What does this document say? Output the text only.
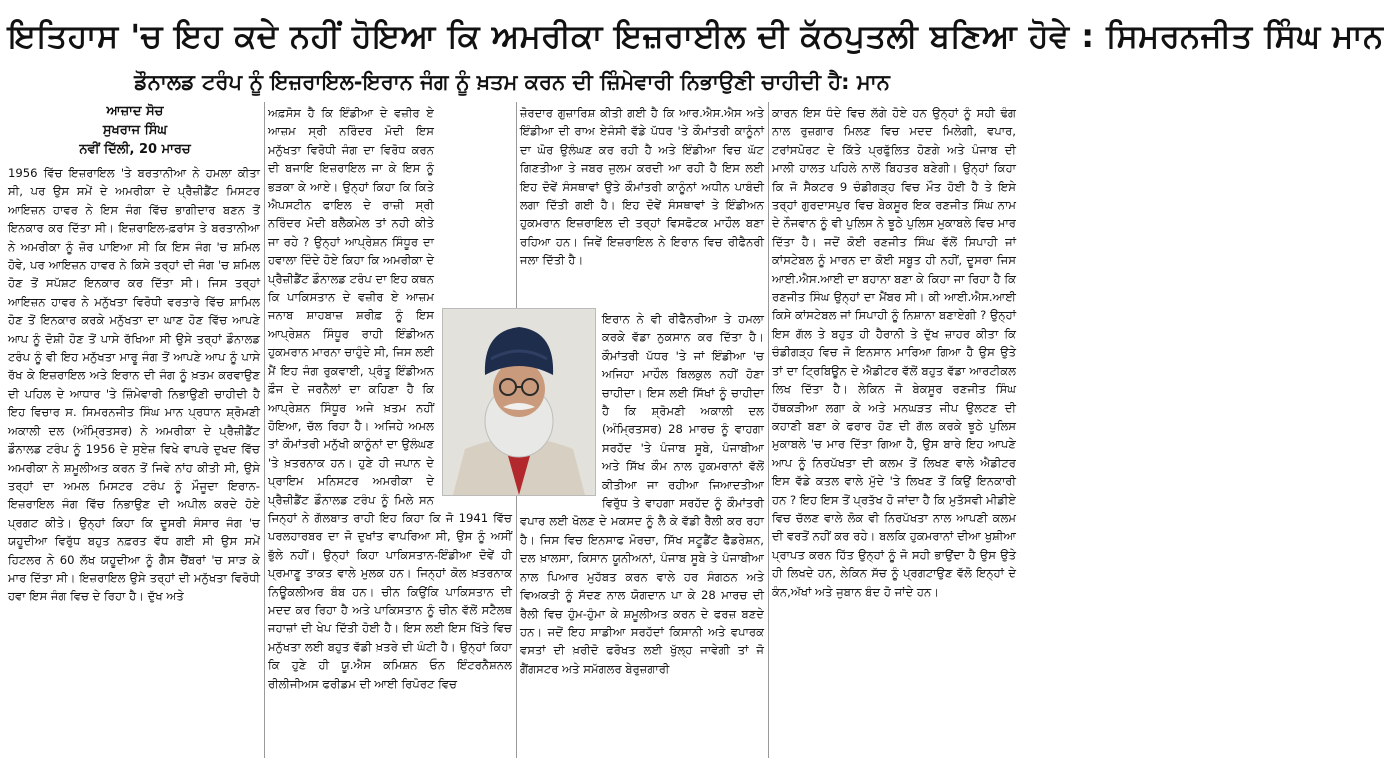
ਇਤਿਹਾਸ 'ਚ ਇਹ ਕਦੇ ਨਹੀਂ ਹੋਇਆ ਕਿ ਅਮਰੀਕਾ ਇਜ਼ਰਾਈਲ ਦੀ ਕੱਠਪੁਤਲੀ ਬਣਿਆ ਹੋਵੇ : ਸਿਮਰਨਜੀਤ ਸਿੰਘ ਮਾਨ
ਡੌਨਾਲਡ ਟਰੰਪ ਨੂੰ ਇਜ਼ਰਾਇਲ-ਇਰਾਨ ਜੰਗ ਨੂੰ ਖ਼ਤਮ ਕਰਨ ਦੀ ਜ਼ਿੰਮੇਵਾਰੀ ਨਿਭਾਉਣੀ ਚਾਹੀਦੀ ਹੈ: ਮਾਨ
ਆਜ਼ਾਦ ਸੋਚ
ਸੁਖਰਾਜ ਸਿੰਘ
ਨਵੀਂ ਦਿੱਲੀ, 20 ਮਾਰਚ
1956 ਵਿੱਚ ਇਜ਼ਰਾਇਲ 'ਤੇ ਬਰਤਾਨੀਆ ਨੇ ਹਮਲਾ ਕੀਤਾ ਸੀ, ਪਰ ਉਸ ਸਮੇਂ ਦੇ ਅਮਰੀਕਾ ਦੇ ਪ੍ਰੈਜ਼ੀਡੈਂਟ ਮਿਸਟਰ ਆਇਜ਼ਨ ਹਾਵਰ ਨੇ ਇਸ ਜੰਗ ਵਿੱਚ ਭਾਗੀਦਾਰ ਬਣਨ ਤੋਂ ਇਨਕਾਰ ਕਰ ਦਿੱਤਾ ਸੀ। ਇਜ਼ਰਾਇਲ-ਫ਼ਰਾਂਸ ਤੇ ਬਰਤਾਨੀਆ ਨੇ ਅਮਰੀਕਾ ਨੂੰ ਜ਼ੋਰ ਪਾਇਆ ਸੀ ਕਿ ਇਸ ਜੰਗ 'ਚ ਸ਼ਮਿਲ ਹੋਵੇ, ਪਰ ਆਇਜ਼ਨ ਹਾਵਰ ਨੇ ਕਿਸੇ ਤਰ੍ਹਾਂ ਦੀ ਜੰਗ 'ਚ ਸ਼ਮਿਲ ਹੋਣ ਤੋਂ ਸਪੱਸ਼ਟ ਇਨਕਾਰ ਕਰ ਦਿੱਤਾ ਸੀ। ਜਿਸ ਤਰ੍ਹਾਂ ਆਇਜ਼ਨ ਹਾਵਰ ਨੇ ਮਨੁੱਖਤਾ ਵਿਰੋਧੀ ਵਰਤਾਰੇ ਵਿੱਚ ਸ਼ਾਮਿਲ ਹੋਣ ਤੋਂ ਇਨਕਾਰ ਕਰਕੇ ਮਨੁੱਖਤਾ ਦਾ ਘਾਣ ਹੋਣ ਵਿੱਚ ਆਪਣੇ ਆਪ ਨੂੰ ਦੋਸ਼ੀ ਹੋਣ ਤੋਂ ਪਾਸੇ ਰੱਖਿਆ ਸੀ ਉਸੇ ਤਰ੍ਹਾਂ ਡੌਨਾਲਡ ਟਰੰਪ ਨੂੰ ਵੀ ਇਹ ਮਨੁੱਖਤਾ ਮਾਰੂ ਜੰਗ ਤੋਂ ਆਪਣੇ ਆਪ ਨੂੰ ਪਾਸੇ ਰੱਖ ਕੇ ਇਜ਼ਰਾਇਲ ਅਤੇ ਇਰਾਨ ਦੀ ਜੰਗ ਨੂੰ ਖ਼ਤਮ ਕਰਵਾਉਣ ਦੀ ਪਹਿਲ ਦੇ ਆਧਾਰ 'ਤੇ ਜ਼ਿੰਮੇਵਾਰੀ ਨਿਭਾਉਣੀ ਚਾਹੀਦੀ ਹੈ ਇਹ ਵਿਚਾਰ ਸ. ਸਿਮਰਨਜੀਤ ਸਿੰਘ ਮਾਨ ਪ੍ਰਧਾਨ ਸ਼੍ਰੋਮਣੀ ਅਕਾਲੀ ਦਲ (ਅੰਮ੍ਰਿਤਸਰ) ਨੇ ਅਮਰੀਕਾ ਦੇ ਪ੍ਰੈਜ਼ੀਡੈਂਟ ਡੌਨਾਲਡ ਟਰੰਪ ਨੂੰ 1956 ਦੇ ਸੁਏਜ਼ ਵਿਖੇ ਵਾਪਰੇ ਦੁਖਦ ਵਿੱਚ ਅਮਰੀਕਾ ਨੇ ਸ਼ਮੂਲੀਅਤ ਕਰਨ ਤੋਂ ਜਿਵੇ ਨਾਂਹ ਕੀਤੀ ਸੀ, ਉਸੇ ਤਰ੍ਹਾਂ ਦਾ ਅਮਲ ਮਿਸਟਰ ਟਰੰਪ ਨੂੰ ਮੌਜੂਦਾ ਇਰਾਨ-ਇਜ਼ਰਾਇਲ ਜੰਗ ਵਿੱਚ ਨਿਭਾਉਣ ਦੀ ਅਪੀਲ ਕਰਦੇ ਹੋਏ ਪ੍ਰਗਟ ਕੀਤੇ। ਉਨ੍ਹਾਂ ਕਿਹਾ ਕਿ ਦੂਸਰੀ ਸੰਸਾਰ ਜੰਗ 'ਚ ਯਹੂਦੀਆ ਵਿਰੁੱਧ ਬਹੁਤ ਨਫ਼ਰਤ ਵੱਧ ਗਈ ਸੀ ਉਸ ਸਮੇਂ ਹਿਟਲਰ ਨੇ 60 ਲੱਖ ਯਹੂਦੀਆ ਨੂੰ ਗੈਸ ਚੈਂਬਰਾਂ 'ਚ ਸਾੜ ਕੇ ਮਾਰ ਦਿੱਤਾ ਸੀ। ਇਜ਼ਰਾਇਲ ਉਸੇ ਤਰ੍ਹਾਂ ਦੀ ਮਨੁੱਖਤਾ ਵਿਰੋਧੀ ਹਵਾ ਇਸ ਜੰਗ ਵਿਚ ਦੇ ਰਿਹਾ ਹੈ। ਦੁੱਖ ਅਤੇ
ਅਫ਼ਸੋਸ ਹੈ ਕਿ ਇੰਡੀਆ ਦੇ ਵਜ਼ੀਰ ਏ ਆਜ਼ਮ ਸ੍ਰੀ ਨਰਿੰਦਰ ਮੋਦੀ ਇਸ ਮਨੁੱਖਤਾ ਵਿਰੋਧੀ ਜੰਗ ਦਾ ਵਿਰੋਧ ਕਰਨ ਦੀ ਬਜਾਇ ਇਜ਼ਰਾਇਲ ਜਾ ਕੇ ਇਸ ਨੂੰ ਭੜਕਾ ਕੇ ਆਏ। ਉਨ੍ਹਾਂ ਕਿਹਾ ਕਿ ਕਿਤੇ ਐਪਸਟੀਨ ਫਾਇਲ ਦੇ ਰਾਜ਼ੀ ਸ੍ਰੀ ਨਰਿੰਦਰ ਮੋਦੀ ਬਲੈਕਮੇਲ ਤਾਂ ਨਹੀ ਕੀਤੇ ਜਾ ਰਹੇ ? ਉਨ੍ਹਾਂ ਆਪ੍ਰੇਸ਼ਨ ਸਿੰਧੂਰ ਦਾ ਹਵਾਲਾ ਦਿੰਦੇ ਹੋਏ ਕਿਹਾ ਕਿ ਅਮਰੀਕਾ ਦੇ ਪ੍ਰੈਜ਼ੀਡੈਂਟ ਡੌਨਾਲਡ ਟਰੰਪ ਦਾ ਇਹ ਕਥਨ ਕਿ ਪਾਕਿਸਤਾਨ ਦੇ ਵਜ਼ੀਰ ਏ ਆਜ਼ਮ ਜਨਾਬ ਸ਼ਾਹਬਾਜ਼ ਸ਼ਰੀਫ਼ ਨੂੰ ਇਸ ਆਪ੍ਰੇਸ਼ਨ ਸਿੰਧੂਰ ਰਾਹੀ ਇੰਡੀਅਨ ਹੁਕਮਰਾਨ ਮਾਰਨਾ ਚਾਹੁੰਦੇ ਸੀ, ਜਿਸ ਲਈ ਮੈਂ ਇਹ ਜੰਗ ਰੁਕਵਾਈ, ਪ੍ਰੰਤੂ ਇੰਡੀਅਨ ਫ਼ੌਜ ਦੇ ਜਰਨੈਲਾਂ ਦਾ ਕਹਿਣਾ ਹੈ ਕਿ ਆਪ੍ਰੇਸ਼ਨ ਸਿੰਧੂਰ ਅਜੇ ਖ਼ਤਮ ਨਹੀਂ ਹੋਇਆ, ਚੱਲ ਰਿਹਾ ਹੈ। ਅਜਿਹੇ ਅਮਲ ਤਾਂ ਕੌਮਾਂਤਰੀ ਮਨੁੱਖੀ ਕਾਨੂੰਨਾਂ ਦਾ ਉਲੰਘਣ 'ਤੇ ਖ਼ਤਰਨਾਕ ਹਨ। ਹੁਣੇ ਹੀ ਜਪਾਨ ਦੇ ਪ੍ਰਾਇਮ ਮਨਿਸਟਰ ਅਮਰੀਕਾ ਦੇ ਪ੍ਰੈਜ਼ੀਡੈਂਟ ਡੌਨਾਲਡ ਟਰੰਪ ਨੂੰ ਮਿਲੇ ਸਨ ਜਿਨ੍ਹਾਂ ਨੇ ਗੱਲਬਾਤ ਰਾਹੀ ਇਹ ਕਿਹਾ ਕਿ ਜੋ 1941 ਵਿੱਚ ਪਰਲਹਾਰਬਰ ਦਾ ਜੋ ਦੁਖਾਂਤ ਵਾਪਰਿਆ ਸੀ, ਉਸ ਨੂੰ ਅਸੀਂ ਭੁੱਲੇ ਨਹੀਂ। ਉਨ੍ਹਾਂ ਕਿਹਾ ਪਾਕਿਸਤਾਨ-ਇੰਡੀਆ ਦੋਵੇਂ ਹੀ ਪ੍ਰਮਾਣੂ ਤਾਕਤ ਵਾਲੇ ਮੁਲਕ ਹਨ। ਜਿਨ੍ਹਾਂ ਕੋਲ ਖ਼ਤਰਨਾਕ ਨਿਊਕਲੀਅਰ ਬੰਬ ਹਨ। ਚੀਨ ਕਿਉਂਕਿ ਪਾਕਿਸਤਾਨ ਦੀ ਮਦਦ ਕਰ ਰਿਹਾ ਹੈ ਅਤੇ ਪਾਕਿਸਤਾਨ ਨੂੰ ਚੀਨ ਵੱਲੋਂ ਸਟੈਲਥ ਜਹਾਜ਼ਾਂ ਦੀ ਖੇਪ ਦਿੱਤੀ ਹੋਈ ਹੈ। ਇਸ ਲਈ ਇਸ ਖਿੱਤੇ ਵਿਚ ਮਨੁੱਖਤਾ ਲਈ ਬਹੁਤ ਵੱਡੀ ਖ਼ਤਰੇ ਦੀ ਘੰਟੀ ਹੈ। ਉਨ੍ਹਾਂ ਕਿਹਾ ਕਿ ਹੁਣੇ ਹੀ ਯੂ.ਐਸ ਕਮਿਸ਼ਨ ਓਨ ਇੰਟਰਨੈਸ਼ਨਲ ਰੀਲੀਜੀਅਸ ਫਰੀਡਮ ਦੀ ਆਈ ਰਿਪੋਰਟ ਵਿਚ
ਜ਼ੋਰਦਾਰ ਗੁਜ਼ਾਰਿਸ਼ ਕੀਤੀ ਗਈ ਹੈ ਕਿ ਆਰ.ਐਸ.ਐਸ ਅਤੇ ਇੰਡੀਆ ਦੀ ਰਾਅ ਏਜੰਸੀ ਵੱਡੇ ਪੱਧਰ 'ਤੇ ਕੌਮਾਂਤਰੀ ਕਾਨੂੰਨਾਂ ਦਾ ਘੋਰ ਉਲੰਘਣ ਕਰ ਰਹੀ ਹੈ ਅਤੇ ਇੰਡੀਆ ਵਿਚ ਘੱਟ ਗਿਣਤੀਆ ਤੇ ਜਬਰ ਜੁਲਮ ਕਰਦੀ ਆ ਰਹੀ ਹੈ ਇਸ ਲਈ ਇਹ ਦੋਵੇਂ ਸੰਸਥਾਵਾਂ ਉਤੇ ਕੌਮਾਂਤਰੀ ਕਾਨੂੰਨਾਂ ਅਧੀਨ ਪਾਬੰਦੀ ਲਗਾ ਦਿੱਤੀ ਗਈ ਹੈ। ਇਹ ਦੋਵੇਂ ਸੰਸਥਾਵਾਂ ਤੇ ਇੰਡੀਅਨ ਹੁਕਮਰਾਨ ਇਜ਼ਰਾਇਲ ਦੀ ਤਰ੍ਹਾਂ ਵਿਸਫੋਟਕ ਮਾਹੌਲ ਬਣਾ ਰਹਿਆ ਹਨ। ਜਿਵੇਂ ਇਜ਼ਰਾਇਲ ਨੇ ਇਰਾਨ ਵਿਚ ਰੀਫੈਨਰੀ ਜਲਾ ਦਿੱਤੀ ਹੈ।
ਇਰਾਨ ਨੇ ਵੀ ਰੀਫੈਨਰੀਆ ਤੇ ਹਮਲਾ ਕਰਕੇ ਵੱਡਾ ਨੁਕਸਾਨ ਕਰ ਦਿੱਤਾ ਹੈ। ਕੌਮਾਂਤਰੀ ਪੱਧਰ 'ਤੇ ਜਾਂ ਇੰਡੀਆ 'ਚ ਅਜਿਹਾ ਮਾਹੌਲ ਬਿਲਕੁਲ ਨਹੀਂ ਹੋਣਾ ਚਾਹੀਦਾ। ਇਸ ਲਈ ਸਿੱਖਾਂ ਨੂੰ ਚਾਹੀਦਾ ਹੈ ਕਿ ਸ਼੍ਰੋਮਣੀ ਅਕਾਲੀ ਦਲ (ਅੰਮ੍ਰਿਤਸਰ) 28 ਮਾਰਚ ਨੂੰ ਵਾਹਗਾ ਸਰਹੱਦ 'ਤੇ ਪੰਜਾਬ ਸੂਬੇ, ਪੰਜਾਬੀਆ ਅਤੇ ਸਿੱਖ ਕੌਮ ਨਾਲ ਹੁਕਮਰਾਨਾਂ ਵੱਲੋਂ ਕੀਤੀਆ ਜਾ ਰਹੀਆ ਜਿਆਦਤੀਆ ਵਿਰੁੱਧ ਤੇ ਵਾਹਗਾ ਸਰਹੱਦ ਨੂੰ ਕੌਮਾਂਤਰੀ ਵਪਾਰ ਲਈ ਖੋਲਣ ਦੇ ਮਕਸਦ ਨੂੰ ਲੈ ਕੇ ਵੱਡੀ ਰੈਲੀ ਕਰ ਰਹਾ ਹੈ। ਜਿਸ ਵਿਚ ਇਨਸਾਫ ਮੋਰਚਾ, ਸਿੱਖ ਸਟੂਡੈਂਟ ਫੈਡਰੇਸ਼ਨ, ਦਲ ਖ਼ਾਲਸਾ, ਕਿਸਾਨ ਯੂਨੀਅਨਾਂ, ਪੰਜਾਬ ਸੂਬੇ ਤੇ ਪੰਜਾਬੀਆ ਨਾਲ ਪਿਆਰ ਮੁਹੱਬਤ ਕਰਨ ਵਾਲੇ ਹਰ ਸੰਗਠਨ ਅਤੇ ਵਿਅਕਤੀ ਨੂੰ ਸੱਦਣ ਨਾਲ ਯੋਗਦਾਨ ਪਾ ਕੇ 28 ਮਾਰਚ ਦੀ ਰੈਲੀ ਵਿਚ ਹੁੰਮ-ਹੁੰਮਾ ਕੇ ਸ਼ਮੂਲੀਅਤ ਕਰਨ ਦੇ ਫਰਜ਼ ਬਣਦੇ ਹਨ। ਜਦੋਂ ਇਹ ਸਾਡੀਆ ਸਰਹੱਦਾਂ ਕਿਸਾਨੀ ਅਤੇ ਵਪਾਰਕ ਵਸਤਾਂ ਦੀ ਖ਼ਰੀਦੋ ਫਰੋਖਤ ਲਈ ਖੁੱਲ੍ਹ ਜਾਵੇਗੀ ਤਾਂ ਜੋ ਗੈਂਗਸਟਰ ਅਤੇ ਸਮੱਗਲਰ ਬੇਰੁਜ਼ਗਾਰੀ
ਕਾਰਨ ਇਸ ਧੰਦੇ ਵਿਚ ਲੱਗੇ ਹੋਏ ਹਨ ਉਨ੍ਹਾਂ ਨੂੰ ਸਹੀ ਢੰਗ ਨਾਲ ਰੁਜ਼ਗਾਰ ਮਿਲਣ ਵਿਚ ਮਦਦ ਮਿਲੇਗੀ, ਵਪਾਰ, ਟਰਾਂਸਪੋਰਟ ਦੇ ਕਿੱਤੇ ਪ੍ਰਫੁੱਲਿਤ ਹੋਣਗੇ ਅਤੇ ਪੰਜਾਬ ਦੀ ਮਾਲੀ ਹਾਲਤ ਪਹਿਲੇ ਨਾਲੋਂ ਬਿਹਤਰ ਬਣੇਗੀ। ਉਨ੍ਹਾਂ ਕਿਹਾ ਕਿ ਜੋ ਸੈਕਟਰ 9 ਚੰਡੀਗੜ੍ਹ ਵਿਚ ਮੌਤ ਹੋਈ ਹੈ ਤੇ ਇਸੇ ਤਰ੍ਹਾਂ ਗੁਰਦਾਸਪੁਰ ਵਿਚ ਬੇਕਸੂਰ ਇਕ ਰਣਜੀਤ ਸਿੰਘ ਨਾਮ ਦੇ ਨੌਜਵਾਨ ਨੂੰ ਵੀ ਪੁਲਿਸ ਨੇ ਝੂਠੇ ਪੁਲਿਸ ਮੁਕਾਬਲੇ ਵਿਚ ਮਾਰ ਦਿੱਤਾ ਹੈ। ਜਦੋਂ ਕੋਈ ਰਣਜੀਤ ਸਿੰਘ ਵੱਲੋਂ ਸਿਪਾਹੀ ਜਾਂ ਕਾਂਸਟੇਬਲ ਨੂੰ ਮਾਰਨ ਦਾ ਕੋਈ ਸਬੂਤ ਹੀ ਨਹੀਂ, ਦੂਸਰਾ ਜਿਸ ਆਈ.ਐਸ.ਆਈ ਦਾ ਬਹਾਨਾ ਬਣਾ ਕੇ ਕਿਹਾ ਜਾ ਰਿਹਾ ਹੈ ਕਿ ਰਣਜੀਤ ਸਿੰਘ ਉਨ੍ਹਾਂ ਦਾ ਮੈਂਬਰ ਸੀ। ਕੀ ਆਈ.ਐਸ.ਆਈ ਕਿਸੇ ਕਾਂਸਟੇਬਲ ਜਾਂ ਸਿਪਾਹੀ ਨੂੰ ਨਿਸ਼ਾਨਾ ਬਣਾਏਗੀ ? ਉਨ੍ਹਾਂ ਇਸ ਗੱਲ ਤੇ ਬਹੁਤ ਹੀ ਹੈਰਾਨੀ ਤੇ ਦੁੱਖ ਜ਼ਾਹਰ ਕੀਤਾ ਕਿ ਚੰਡੀਗੜ੍ਹ ਵਿਚ ਜੋ ਇਨਸਾਨ ਮਾਰਿਆ ਗਿਆ ਹੈ ਉਸ ਉਤੇ ਤਾਂ ਦਾ ਟ੍ਰਿਬਿਊਨ ਦੇ ਐਡੀਟਰ ਵੱਲੋਂ ਬਹੁਤ ਵੱਡਾ ਆਰਟੀਕਲ ਲਿਖ ਦਿੱਤਾ ਹੈ। ਲੇਕਿਨ ਜੋ ਬੇਕਸੂਰ ਰਣਜੀਤ ਸਿੰਘ ਹੱਥਕੜੀਆ ਲਗਾ ਕੇ ਅਤੇ ਮਨਘੜਤ ਜੀਪ ਉਲਟਣ ਦੀ ਕਹਾਣੀ ਬਣਾ ਕੇ ਫਰਾਰ ਹੋਣ ਦੀ ਗੱਲ ਕਰਕੇ ਝੂਠੇ ਪੁਲਿਸ ਮੁਕਾਬਲੇ 'ਚ ਮਾਰ ਦਿੱਤਾ ਗਿਆ ਹੈ, ਉਸ ਬਾਰੇ ਇਹ ਆਪਣੇ ਆਪ ਨੂੰ ਨਿਰਪੱਖਤਾ ਦੀ ਕਲਮ ਤੋਂ ਲਿਖਣ ਵਾਲੇ ਐਡੀਟਰ ਇਸ ਵੱਡੇ ਕਤਲ ਵਾਲੇ ਮੁੱਦੇ 'ਤੇ ਲਿਖਣ ਤੋਂ ਕਿਉਂ ਇਨਕਾਰੀ ਹਨ ? ਇਹ ਇਸ ਤੋਂ ਪ੍ਰਤੱਖ ਹੋ ਜਾਂਦਾ ਹੈ ਕਿ ਮੁਤੱਸਵੀ ਮੀਡੀਏ ਵਿਚ ਚੱਲਣ ਵਾਲੇ ਲੋਕ ਵੀ ਨਿਰਪੱਖਤਾ ਨਾਲ ਆਪਣੀ ਕਲਮ ਦੀ ਵਰਤੋਂ ਨਹੀਂ ਕਰ ਰਹੇ। ਬਲਕਿ ਹੁਕਮਰਾਨਾਂ ਦੀਆ ਖੁਸ਼ੀਆ ਪ੍ਰਾਪਤ ਕਰਨ ਹਿੱਤ ਉਨ੍ਹਾਂ ਨੂੰ ਜੋ ਸਹੀ ਭਾਉਂਦਾ ਹੈ ਉਸ ਉਤੇ ਹੀ ਲਿਖਦੇ ਹਨ, ਲੇਕਿਨ ਸੱਚ ਨੂੰ ਪ੍ਰਗਟਾਉਣ ਵੱਲੋ ਇਨ੍ਹਾਂ ਦੇ ਕੰਨ,ਅੱਖਾਂ ਅਤੇ ਜੁਬਾਨ ਬੰਦ ਹੋ ਜਾਂਦੇ ਹਨ।
